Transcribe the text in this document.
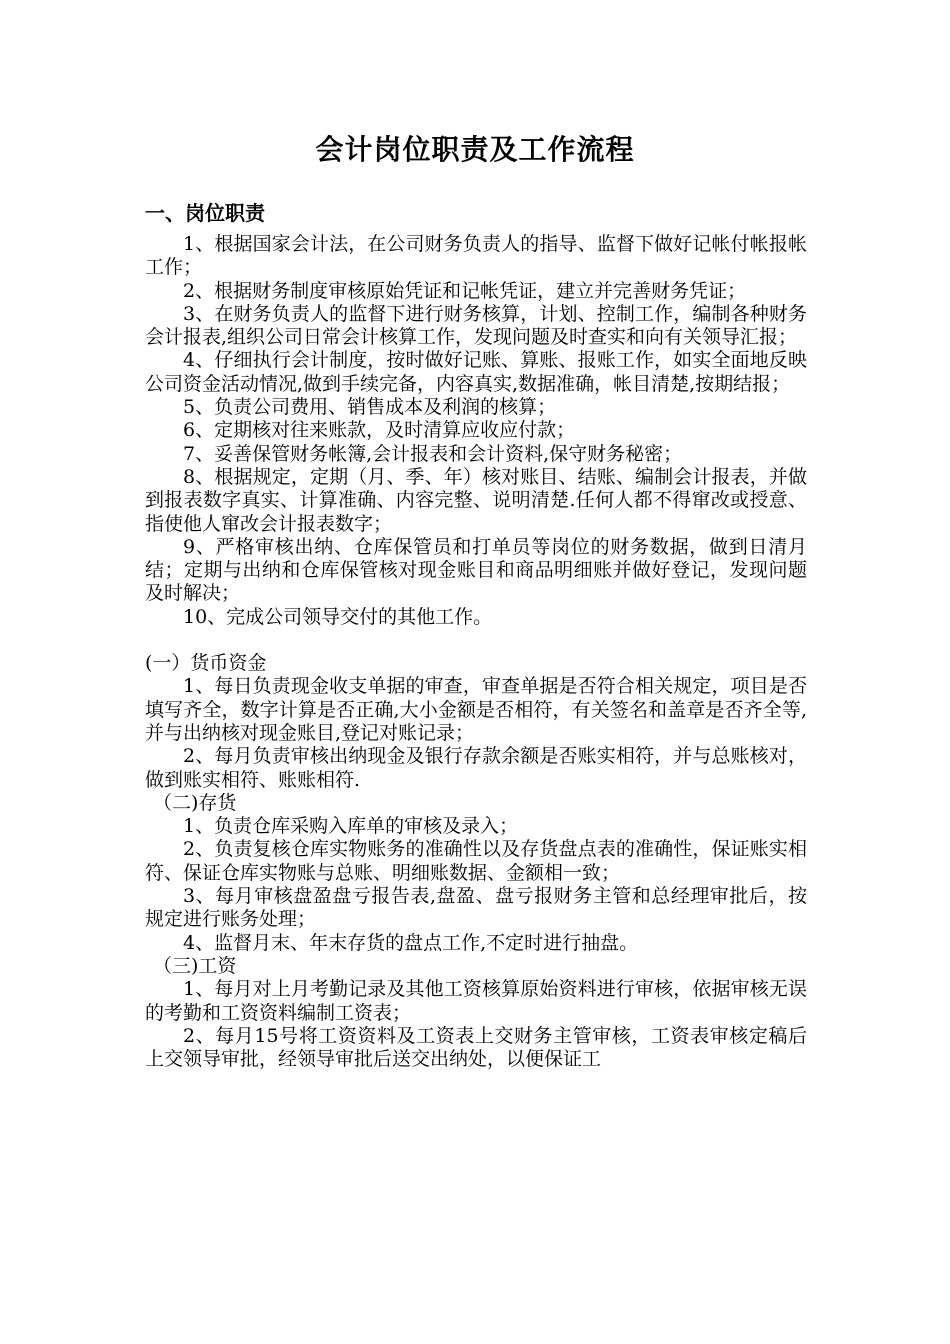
会计岗位职责及工作流程
一、岗位职责

1、根据国家会计法，在公司财务负责人的指导、监督下做好记帐付帐报帐工作；

2、根据财务制度审核原始凭证和记帐凭证，建立并完善财务凭证；

3、在财务负责人的监督下进行财务核算，计划、控制工作，编制各种财务会计报表,组织公司日常会计核算工作，发现问题及时查实和向有关领导汇报；

4、仔细执行会计制度，按时做好记账、算账、报账工作，如实全面地反映公司资金活动情况,做到手续完备，内容真实,数据准确，帐目清楚,按期结报；

5、负责公司费用、销售成本及利润的核算；

6、定期核对往来账款，及时清算应收应付款；

7、妥善保管财务帐簿,会计报表和会计资料,保守财务秘密；

8、根据规定，定期（月、季、年）核对账目、结账、编制会计报表，并做到报表数字真实、计算准确、内容完整、说明清楚.任何人都不得窜改或授意、指使他人窜改会计报表数字；

9、严格审核出纳、仓库保管员和打单员等岗位的财务数据，做到日清月结；定期与出纳和仓库保管核对现金账目和商品明细账并做好登记，发现问题及时解决；

10、完成公司领导交付的其他工作。

(一）货币资金

1、每日负责现金收支单据的审查，审查单据是否符合相关规定，项目是否填写齐全，数字计算是否正确,大小金额是否相符，有关签名和盖章是否齐全等,并与出纳核对现金账目,登记对账记录；

2、每月负责审核出纳现金及银行存款余额是否账实相符，并与总账核对，做到账实相符、账账相符.

（二)存货

1、负责仓库采购入库单的审核及录入；

2、负责复核仓库实物账务的准确性以及存货盘点表的准确性，保证账实相符、保证仓库实物账与总账、明细账数据、金额相一致；

3、每月审核盘盈盘亏报告表,盘盈、盘亏报财务主管和总经理审批后，按规定进行账务处理；

4、监督月末、年末存货的盘点工作,不定时进行抽盘。

（三)工资

1、每月对上月考勤记录及其他工资核算原始资料进行审核，依据审核无误的考勤和工资资料编制工资表；

2、每月15号将工资资料及工资表上交财务主管审核，工资表审核定稿后上交领导审批，经领导审批后送交出纳处，以便保证工
